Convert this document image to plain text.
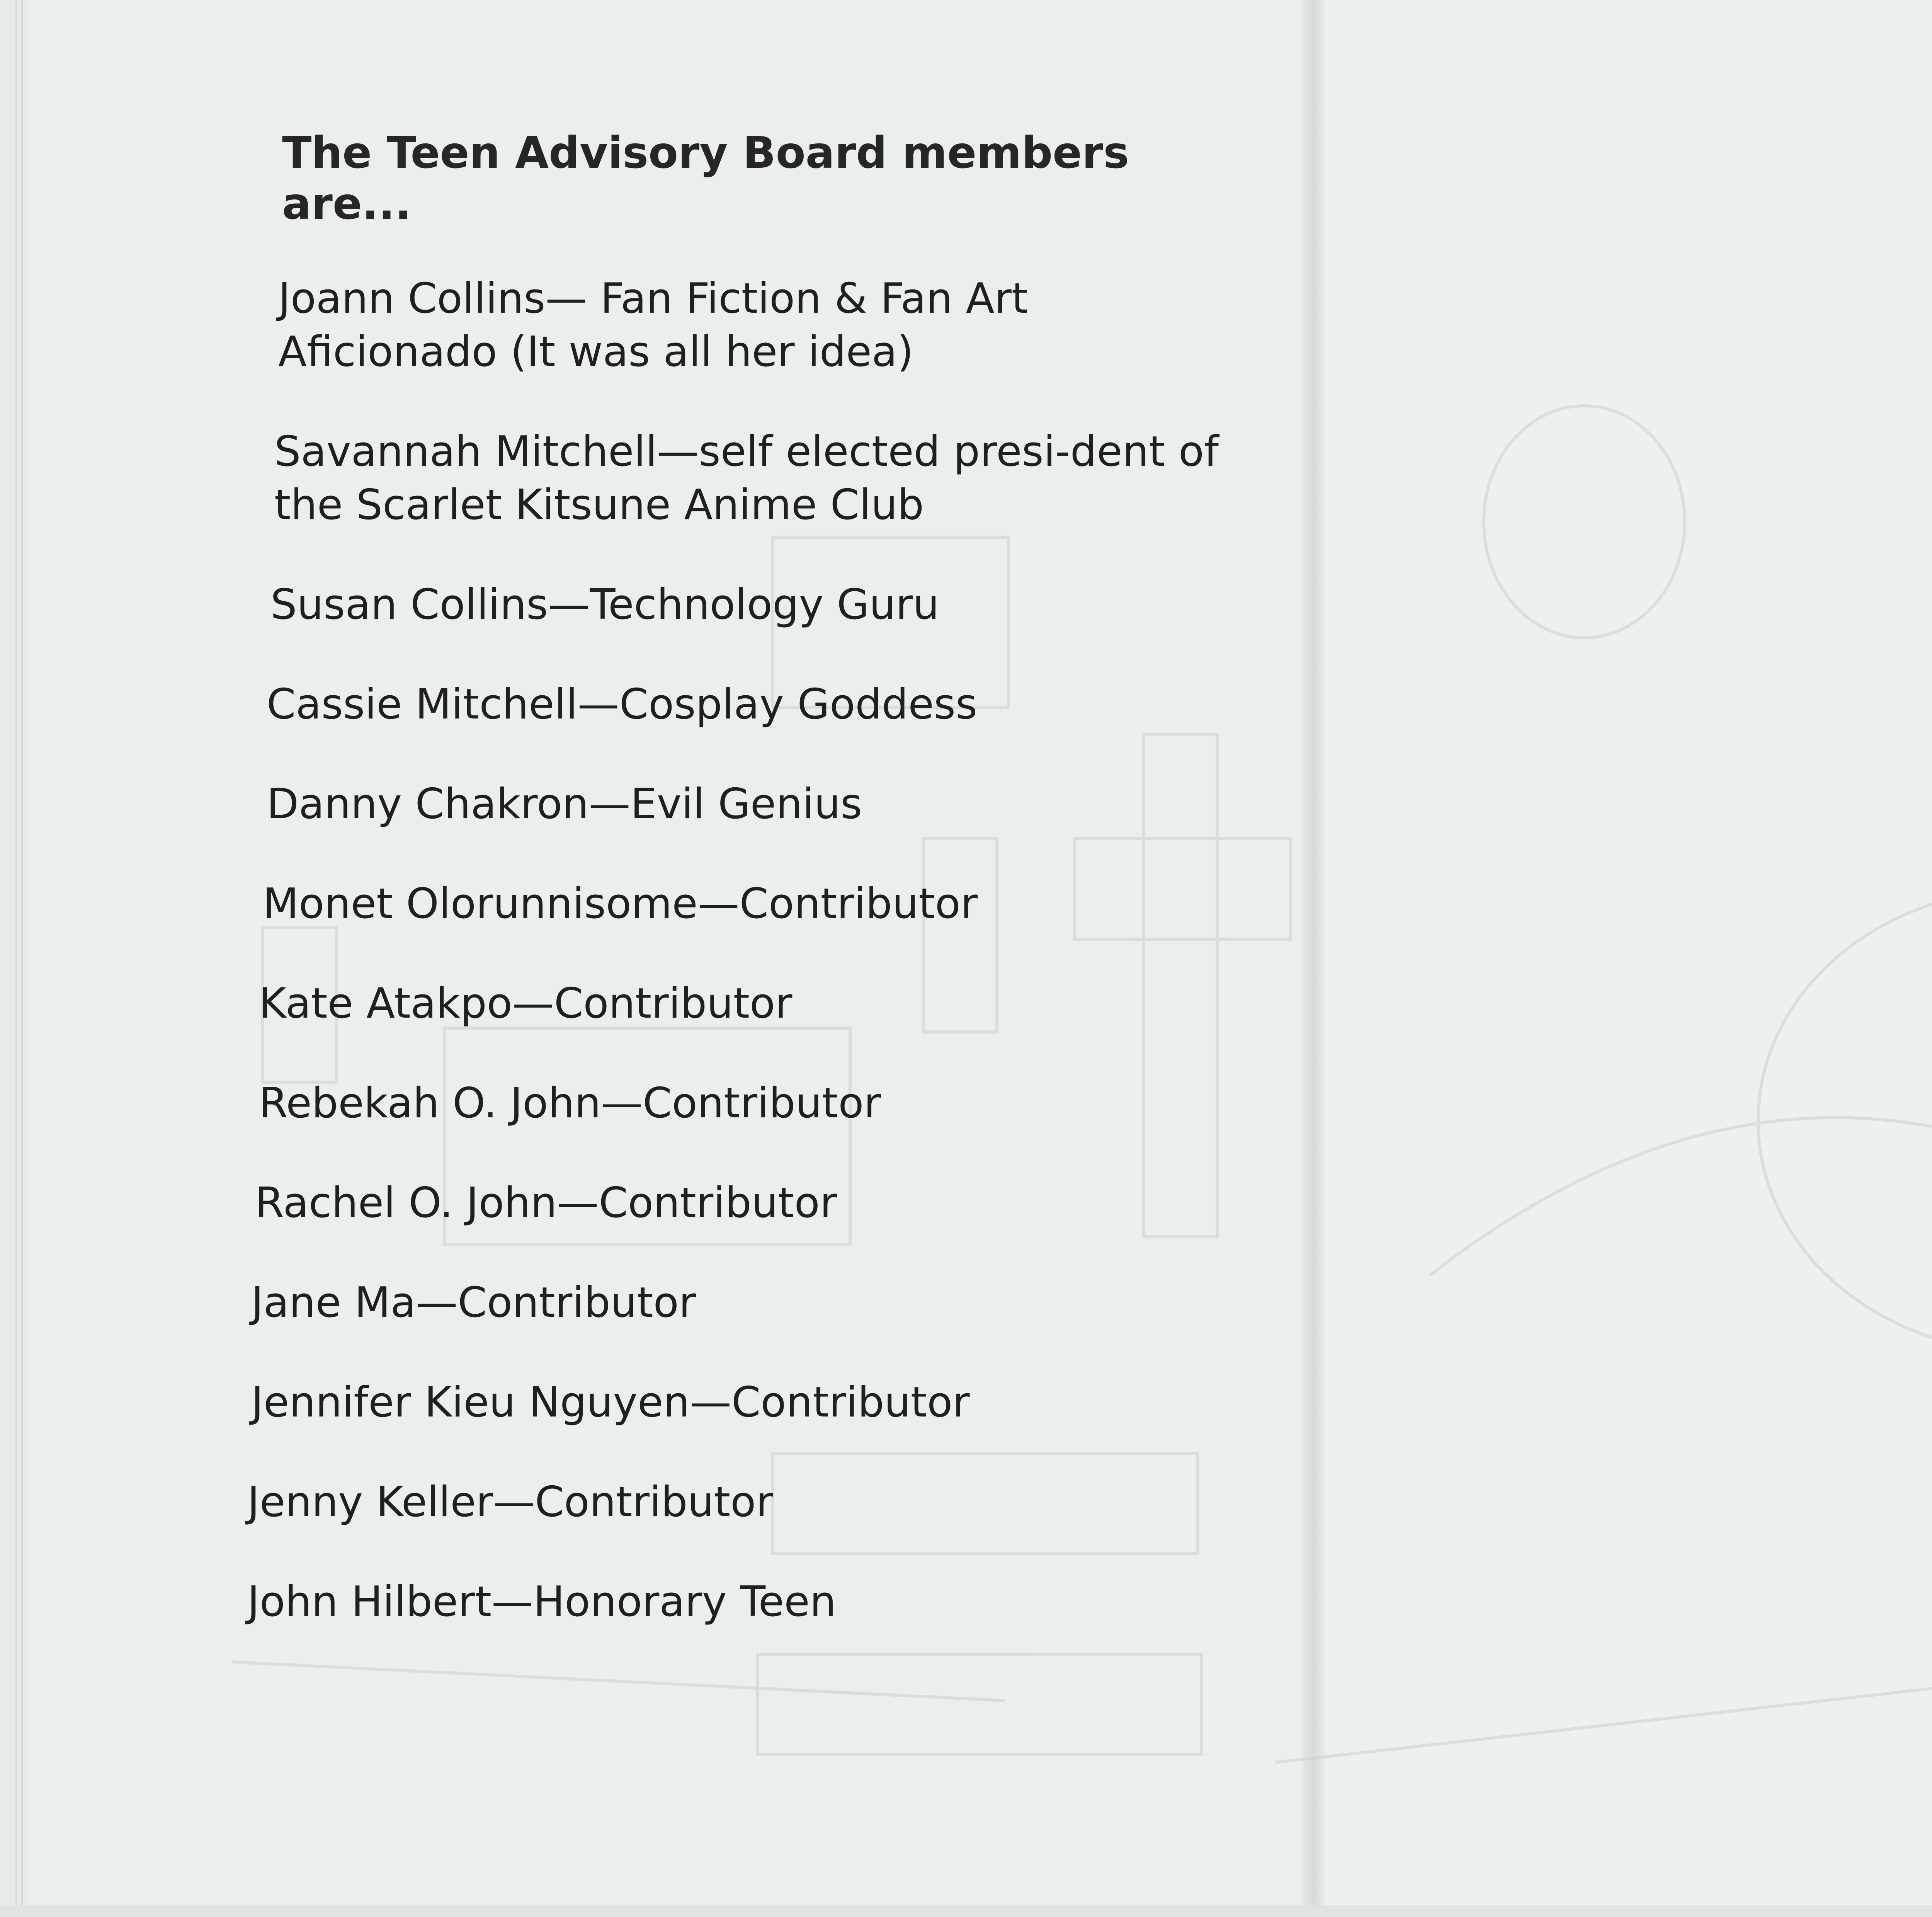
The Teen Advisory Board members are...
Joann Collins— Fan Fiction & Fan Art Aficionado (It was all her idea)
Savannah Mitchell—self elected presi-dent of the Scarlet Kitsune Anime Club
Susan Collins—Technology Guru
Cassie Mitchell—Cosplay Goddess
Danny Chakron—Evil Genius
Monet Olorunnisome—Contributor
Kate Atakpo—Contributor
Rebekah O. John—Contributor
Rachel O. John—Contributor
Jane Ma—Contributor
Jennifer Kieu Nguyen—Contributor
Jenny Keller—Contributor
John Hilbert—Honorary Teen
